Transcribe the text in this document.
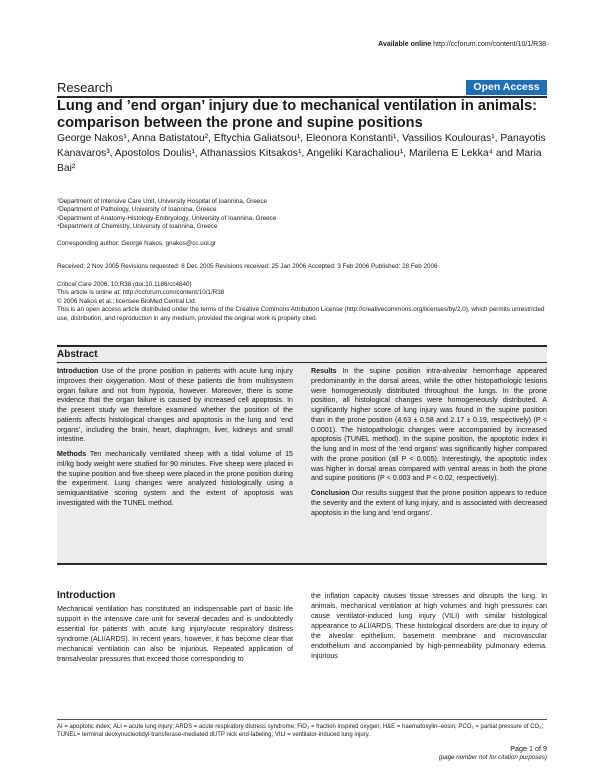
Available online http://ccforum.com/content/10/1/R38
Research	Open Access
Lung and ’end organ’ injury due to mechanical ventilation in animals: comparison between the prone and supine positions
George Nakos¹, Anna Batistatou², Eftychia Galiatsou¹, Eleonora Konstanti¹, Vassilios Koulouras¹, Panayotis Kanavaros³, Apostolos Doulis¹, Athanassios Kitsakos¹, Angeliki Karachaliou¹, Marilena E Lekka⁴ and Maria Bai²
¹Department of Intensive Care Unit, University Hospital of Ioannina, Greece
²Department of Pathology, University of Ioannina, Greece
³Department of Anatomy-Histology-Embryology, University of Ioannina, Greece
⁴Department of Chemistry, University of Ioannina, Greece
Corresponding author: George Nakos, gnakos@cc.uoi.gr
Received: 2 Nov 2005 Revisions requested: 8 Dec 2005 Revisions received: 25 Jan 2006 Accepted: 3 Feb 2006 Published: 28 Feb 2006
Critical Care 2006, 10:R38 (doi:10.1186/cc4840)
This article is online at: http://ccforum.com/content/10/1/R38
© 2006 Nakos et al.; licensee BioMed Central Ltd.
This is an open access article distributed under the terms of the Creative Commons Attribution License (http://creativecommons.org/licenses/by/2.0), which permits unrestricted use, distribution, and reproduction in any medium, provided the original work is properly cited.
Abstract

Introduction Use of the prone position in patients with acute lung injury improves their oxygenation. Most of these patients die from multisystem organ failure and not from hypoxia, however. Moreover, there is some evidence that the organ failure is caused by increased cell apoptosis. In the present study we therefore examined whether the position of the patients affects histological changes and apoptosis in the lung and ‘end organs’, including the brain, heart, diaphragm, liver, kidneys and small intestine.

Methods Ten mechanically ventilated sheep with a tidal volume of 15 ml/kg body weight were studied for 90 minutes. Five sheep were placed in the supine position and five sheep were placed in the prone position during the experiment. Lung changes were analyzed histologically using a semiquantitative scoring system and the extent of apoptosis was investigated with the TUNEL method.

Results In the supine position intra-alveolar hemorrhage appeared predominantly in the dorsal areas, while the other histopathologic lesions were homogeneously distributed throughout the lungs. In the prone position, all histological changes were homogeneously distributed. A significantly higher score of lung injury was found in the supine position than in the prone position (4.63 ± 0.58 and 2.17 ± 0.19, respectively) (P < 0.0001). The histopathologic changes were accompanied by increased apoptosis (TUNEL method). In the supine position, the apoptotic index in the lung and in most of the ‘end organs’ was significantly higher compared with the prone position (all P < 0.005). Interestingly, the apoptotic index was higher in dorsal areas compared with ventral areas in both the prone and supine positions (P < 0.003 and P < 0.02, respectively).

Conclusion Our results suggest that the prone position appears to reduce the severity and the extent of lung injury, and is associated with decreased apoptosis in the lung and ‘end organs’.

Introduction
Mechanical ventilation has constituted an indispensable part of basic life support in the intensive care unit for several decades and is undoubtedly essential for patients with acute lung injury/acute respiratory distress syndrome (ALI/ARDS). In recent years, however, it has become clear that mechanical ventilation can also be injurious. Repeated application of transalveolar pressures that exceed those corresponding to
the inflation capacity causes tissue stresses and disrupts the lung. In animals, mechanical ventilation at high volumes and high pressures can cause ventilator-induced lung injury (VILI) with similar histological appearance to ALI/ARDS. These histological disorders are due to injury of the alveolar epithelium, basement membrane and microvascular endothelium and accompanied by high-permeability pulmonary edema. Injurious
AI = apoptotic index; ALI = acute lung injury; ARDS = acute respiratory distress syndrome; FiO₂ = fraction inspired oxygen; H&E = haematoxylin–eosin; PCO₂ = partial pressure of CO₂; TUNEL= terminal deoxynucleotidyl-transferase-mediated dUTP nick end-labeling; VILI = ventilator-induced lung injury.
Page 1 of 9
(page number not for citation purposes)
